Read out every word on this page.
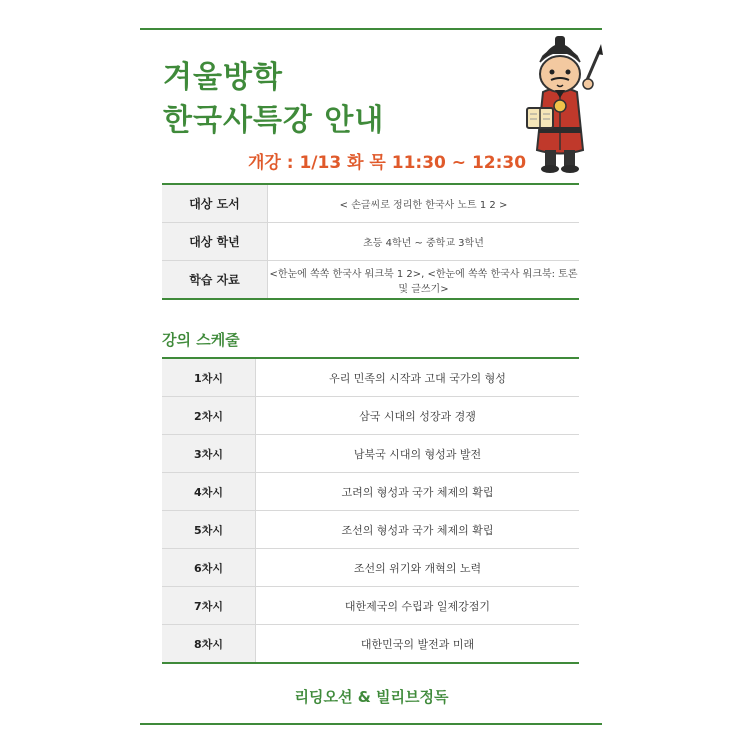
겨울방학
한국사특강 안내
개강 : 1/13 화 목 11:30 ~ 12:30
대상 도서	< 손글씨로 정리한 한국사 노트 1 2 >
대상 학년	초등 4학년 ~ 중학교 3학년
학습 자료	<한눈에 쏙쏙 한국사 워크북 1 2>, <한눈에 쏙쏙 한국사 워크북: 토론 및 글쓰기>
강의 스케줄
1차시	우리 민족의 시작과 고대 국가의 형성
2차시	삼국 시대의 성장과 경쟁
3차시	남북국 시대의 형성과 발전
4차시	고려의 형성과 국가 체제의 확립
5차시	조선의 형성과 국가 체제의 확립
6차시	조선의 위기와 개혁의 노력
7차시	대한제국의 수립과 일제강점기
8차시	대한민국의 발전과 미래
리딩오션 & 빌리브정독
